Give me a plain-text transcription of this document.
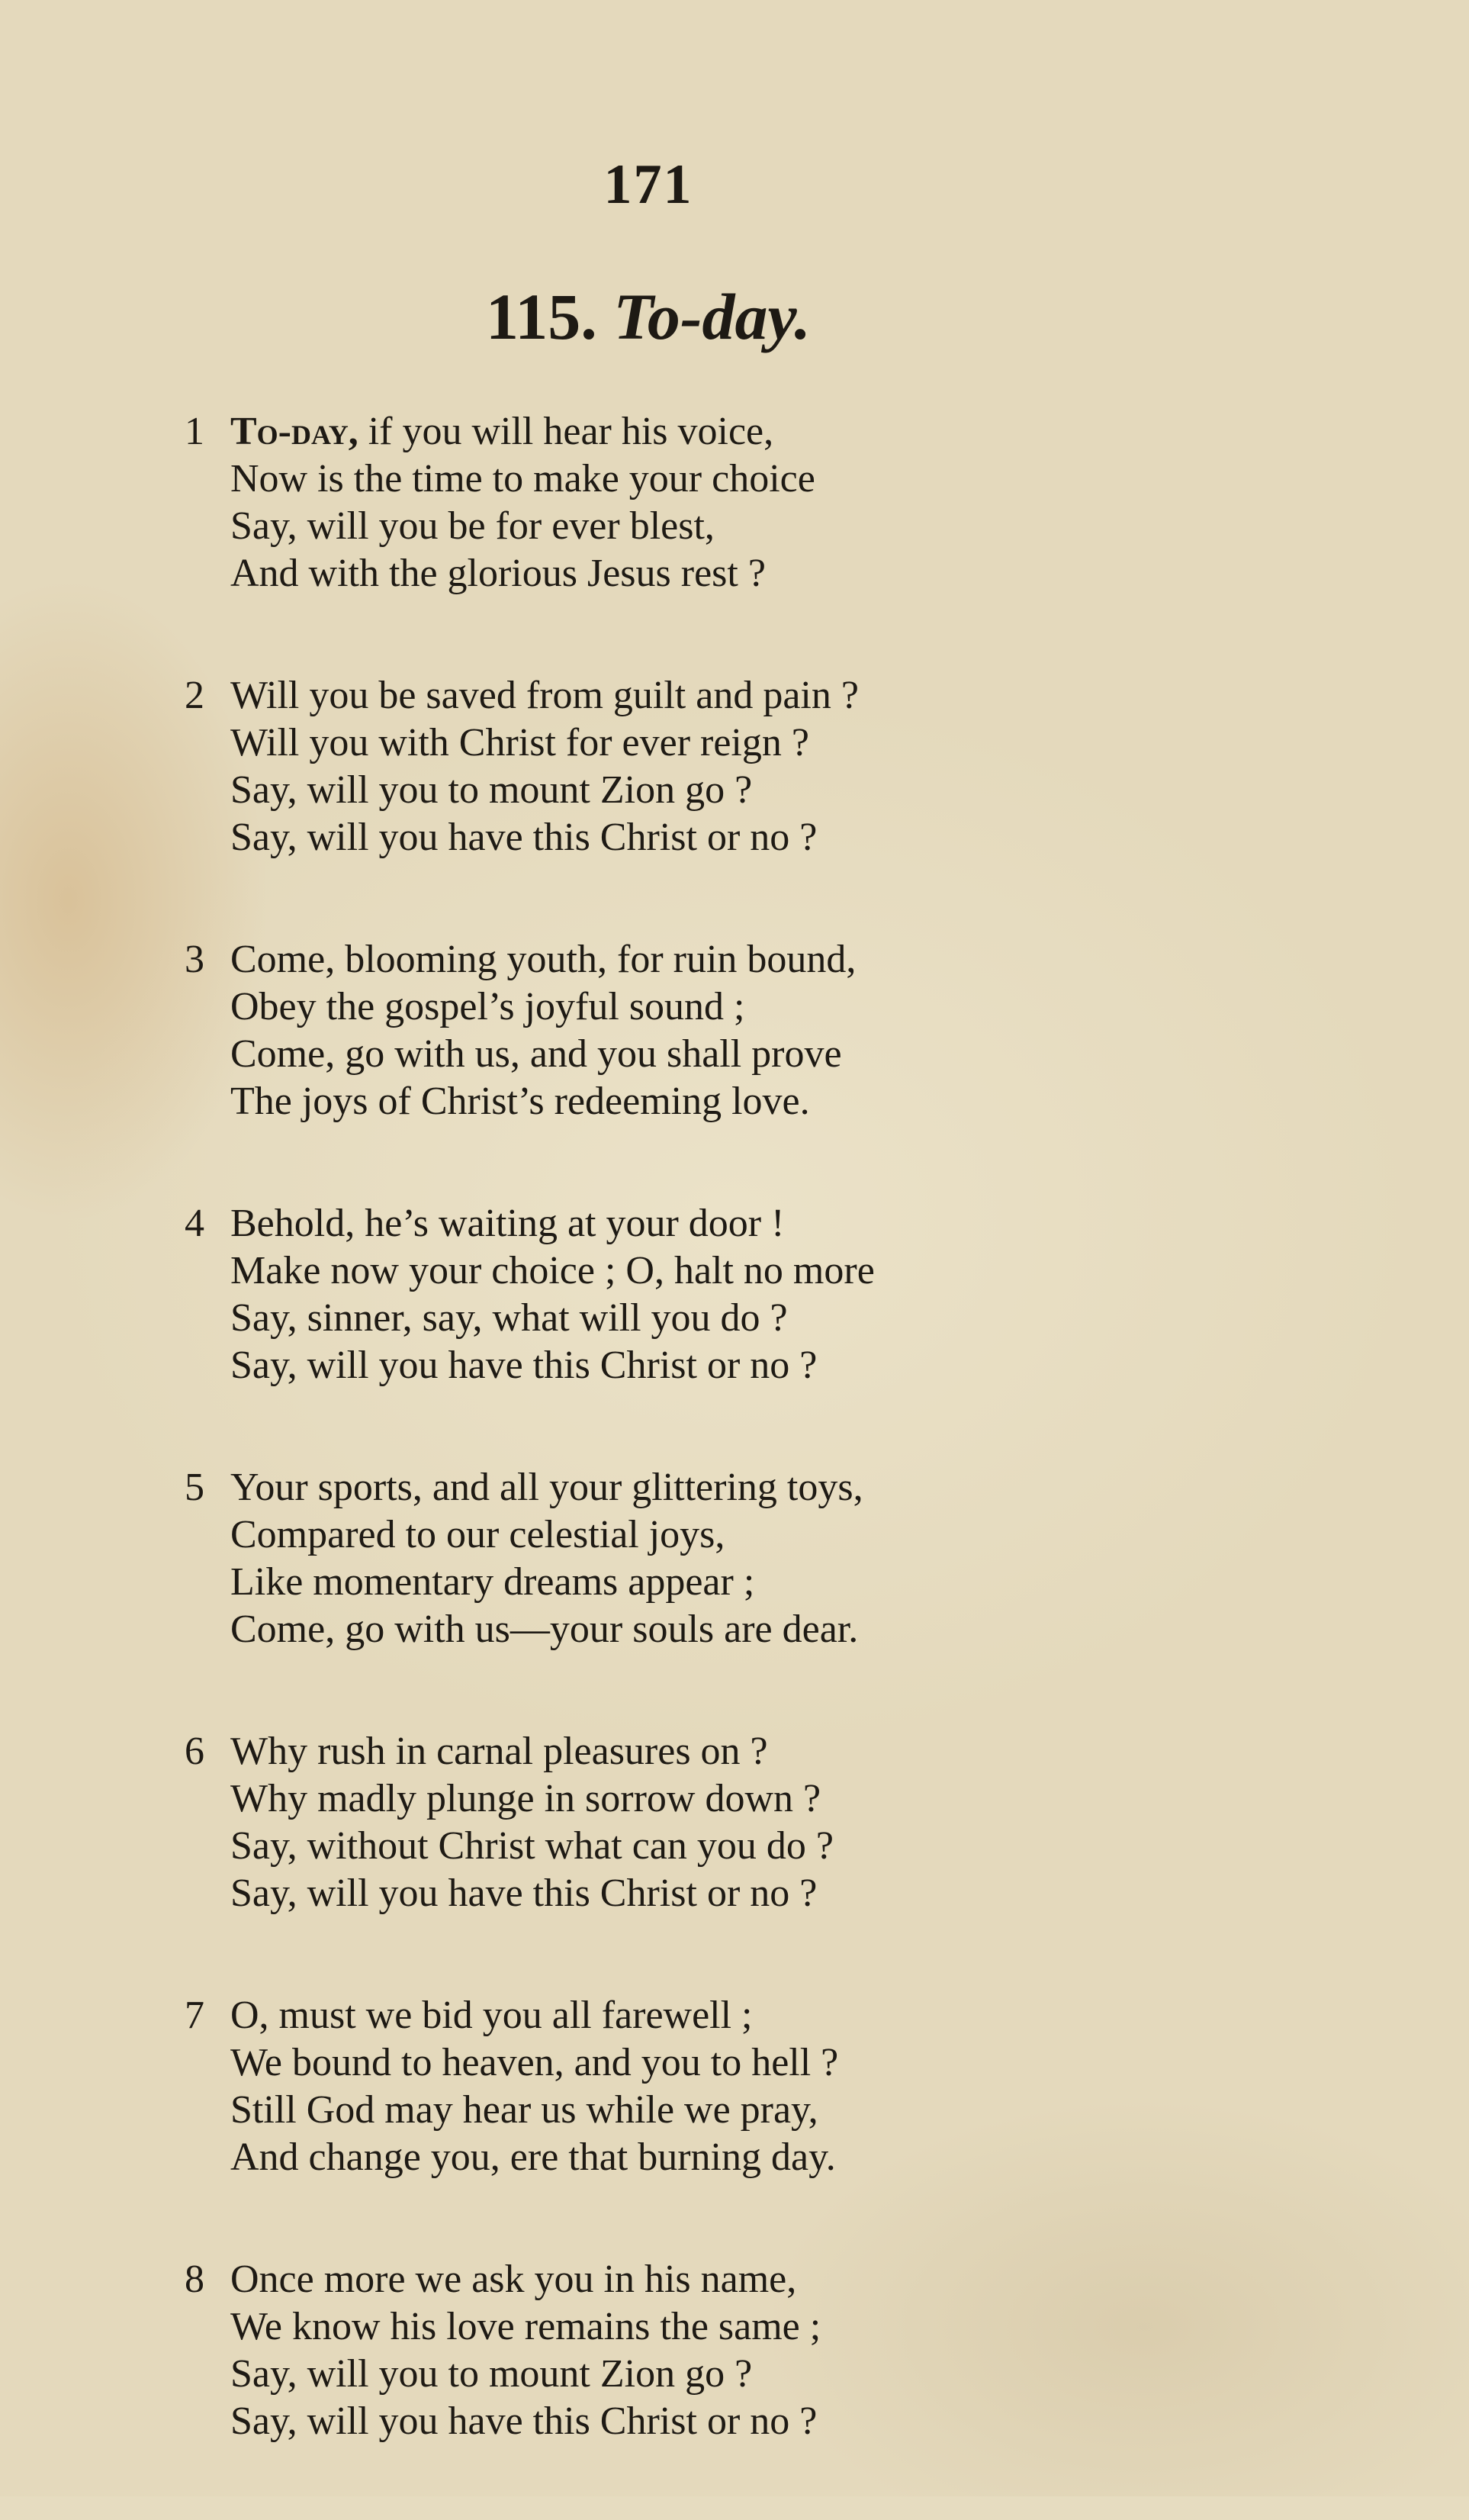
171
115. To-day.
1 To-day, if you will hear his voice,
Now is the time to make your choice
Say, will you be for ever blest,
And with the glorious Jesus rest ?
2 Will you be saved from guilt and pain ?
Will you with Christ for ever reign ?
Say, will you to mount Zion go ?
Say, will you have this Christ or no ?
3 Come, blooming youth, for ruin bound,
Obey the gospel’s joyful sound ;
Come, go with us, and you shall prove
The joys of Christ’s redeeming love.
4 Behold, he’s waiting at your door !
Make now your choice ; O, halt no more
Say, sinner, say, what will you do ?
Say, will you have this Christ or no ?
5 Your sports, and all your glittering toys,
Compared to our celestial joys,
Like momentary dreams appear ;
Come, go with us—your souls are dear.
6 Why rush in carnal pleasures on ?
Why madly plunge in sorrow down ?
Say, without Christ what can you do ?
Say, will you have this Christ or no ?
7 O, must we bid you all farewell ;
We bound to heaven, and you to hell ?
Still God may hear us while we pray,
And change you, ere that burning day.
8 Once more we ask you in his name,
We know his love remains the same ;
Say, will you to mount Zion go ?
Say, will you have this Christ or no ?
